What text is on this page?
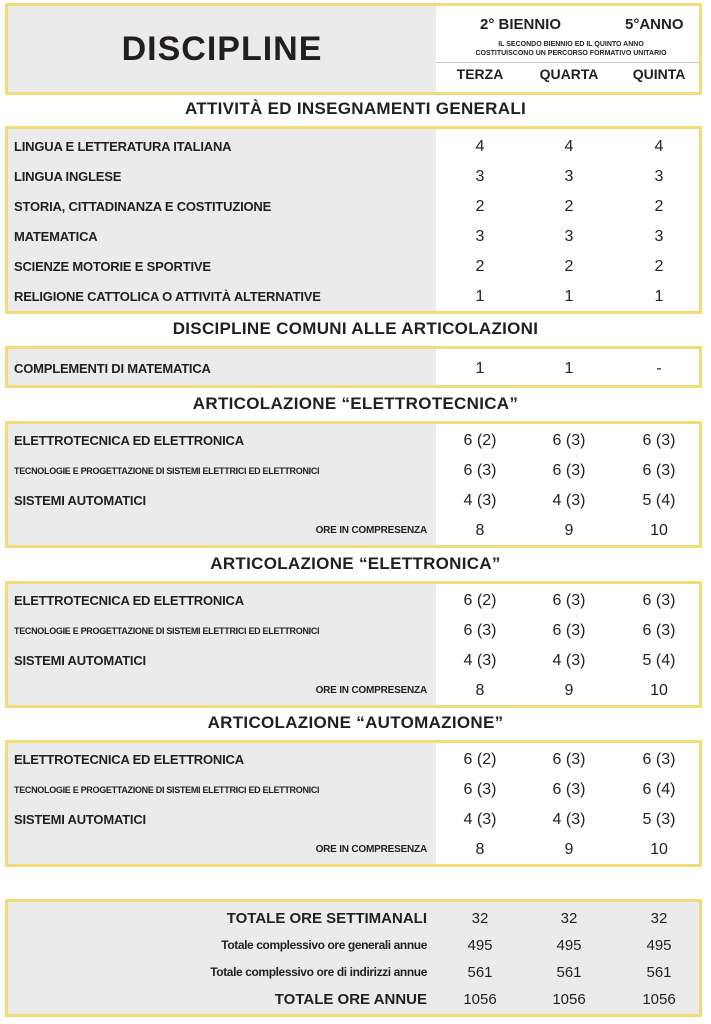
DISCIPLINE
2° BIENNIO	5°ANNO
IL SECONDO BIENNIO ED IL QUINTO ANNO
COSTITUISCONO UN PERCORSO FORMATIVO UNITARIO
TERZA	QUARTA	QUINTA
ATTIVITÀ ED INSEGNAMENTI GENERALI
LINGUA E LETTERATURA ITALIANA	4	4	4
LINGUA INGLESE	3	3	3
STORIA, CITTADINANZA E COSTITUZIONE	2	2	2
MATEMATICA	3	3	3
SCIENZE MOTORIE E SPORTIVE	2	2	2
RELIGIONE CATTOLICA O ATTIVITÀ ALTERNATIVE	1	1	1
DISCIPLINE COMUNI ALLE ARTICOLAZIONI
COMPLEMENTI DI MATEMATICA	1	1	-
ARTICOLAZIONE “ELETTROTECNICA”
ELETTROTECNICA ED ELETTRONICA	6 (2)	6 (3)	6 (3)
TECNOLOGIE E PROGETTAZIONE DI SISTEMI ELETTRICI ED ELETTRONICI	6 (3)	6 (3)	6 (3)
SISTEMI AUTOMATICI	4 (3)	4 (3)	5 (4)
ORE IN COMPRESENZA	8	9	10
ARTICOLAZIONE “ELETTRONICA”
ELETTROTECNICA ED ELETTRONICA	6 (2)	6 (3)	6 (3)
TECNOLOGIE E PROGETTAZIONE DI SISTEMI ELETTRICI ED ELETTRONICI	6 (3)	6 (3)	6 (3)
SISTEMI AUTOMATICI	4 (3)	4 (3)	5 (4)
ORE IN COMPRESENZA	8	9	10
ARTICOLAZIONE “AUTOMAZIONE”
ELETTROTECNICA ED ELETTRONICA	6 (2)	6 (3)	6 (3)
TECNOLOGIE E PROGETTAZIONE DI SISTEMI ELETTRICI ED ELETTRONICI	6 (3)	6 (3)	6 (4)
SISTEMI AUTOMATICI	4 (3)	4 (3)	5 (3)
ORE IN COMPRESENZA	8	9	10
TOTALE ORE SETTIMANALI	32	32	32
Totale complessivo ore generali annue	495	495	495
Totale complessivo ore di indirizzi annue	561	561	561
TOTALE ORE ANNUE	1056	1056	1056
